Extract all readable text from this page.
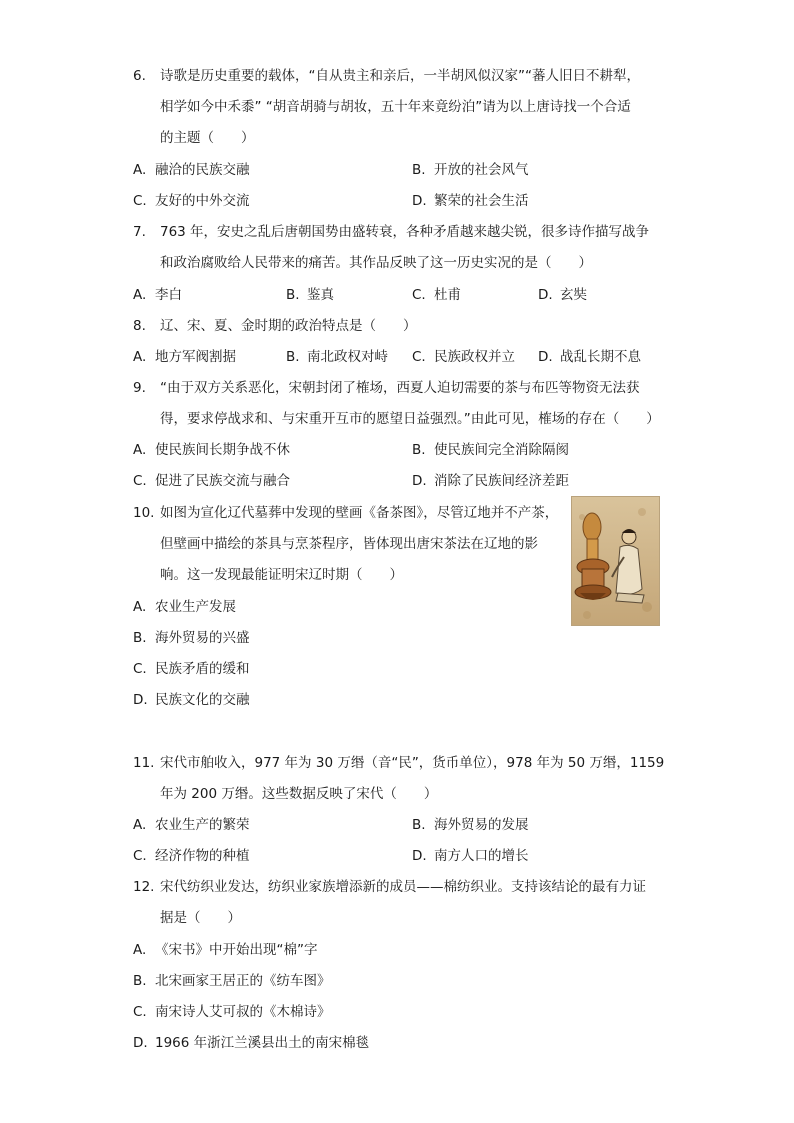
6. 诗歌是历史重要的载体，“自从贵主和亲后，一半胡风似汉家”“蕃人旧日不耕犁，
相学如今中禾黍” “胡音胡骑与胡妆，五十年来竟纷泊”请为以上唐诗找一个合适
的主题（　　）
A. 融洽的民族交融	B. 开放的社会风气
C. 友好的中外交流	D. 繁荣的社会生活
7. 763 年，安史之乱后唐朝国势由盛转衰，各种矛盾越来越尖锐，很多诗作描写战争
和政治腐败给人民带来的痛苦。其作品反映了这一历史实况的是（　　）
A. 李白	B. 鉴真	C. 杜甫	D. 玄奘
8. 辽、宋、夏、金时期的政治特点是（　　）
A. 地方军阀割据	B. 南北政权对峙 C. 民族政权并立 D. 战乱长期不息
9. “由于双方关系恶化，宋朝封闭了榷场，西夏人迫切需要的茶与布匹等物资无法获
得，要求停战求和、与宋重开互市的愿望日益强烈。”由此可见，榷场的存在（　　）
A. 使民族间长期争战不休	B. 使民族间完全消除隔阂
C. 促进了民族交流与融合	D. 消除了民族间经济差距
10. 如图为宣化辽代墓葬中发现的壁画《备茶图》，尽管辽地并不产茶，
但壁画中描绘的茶具与烹茶程序，皆体现出唐宋茶法在辽地的影
响。这一发现最能证明宋辽时期（　　）
A. 农业生产发展
B. 海外贸易的兴盛
C. 民族矛盾的缓和
D. 民族文化的交融
11. 宋代市舶收入，977 年为 30 万缗（音“民”，货币单位），978 年为 50 万缗，1159
年为 200 万缗。这些数据反映了宋代（　　）
A. 农业生产的繁荣	B. 海外贸易的发展
C. 经济作物的种植	D. 南方人口的增长
12. 宋代纺织业发达，纺织业家族增添新的成员——棉纺织业。支持该结论的最有力证
据是（　　）
A. 《宋书》中开始出现“棉”字
B. 北宋画家王居正的《纺车图》
C. 南宋诗人艾可叔的《木棉诗》
D. 1966 年浙江兰溪县出土的南宋棉毯
